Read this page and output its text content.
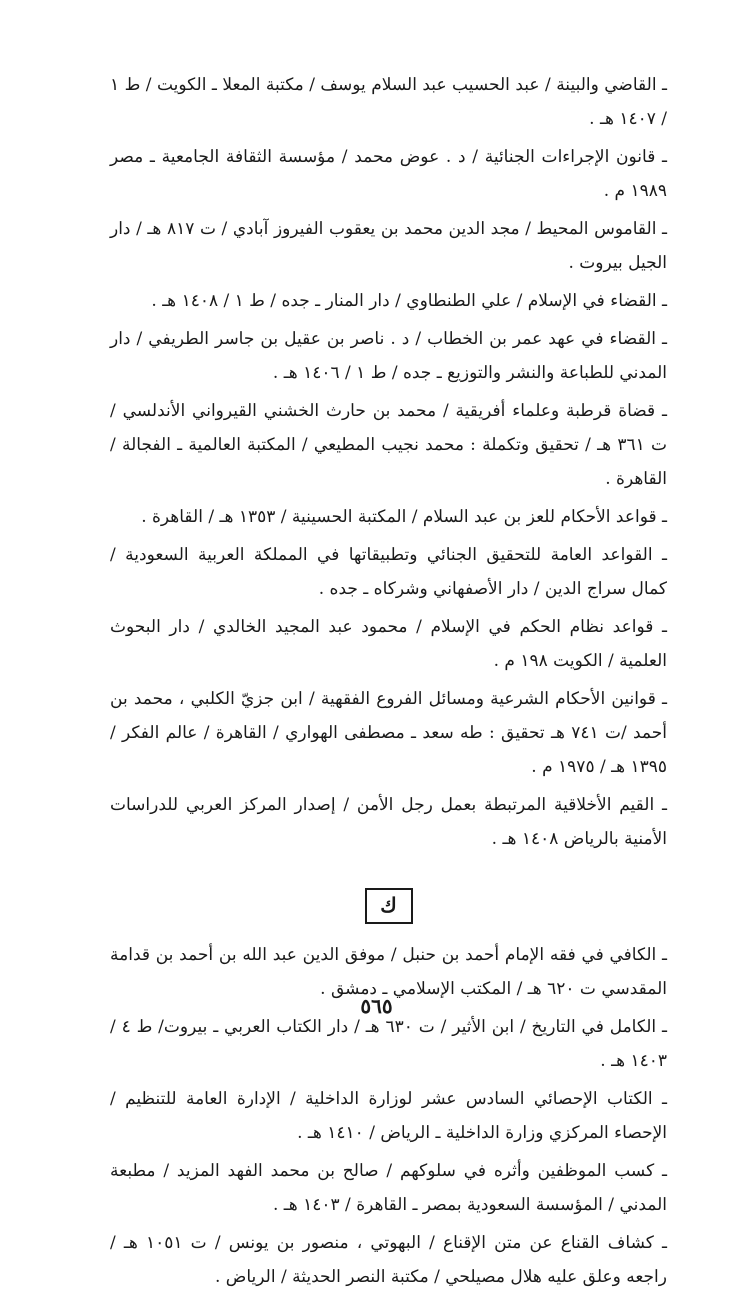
ـ القاضي والبينة / عبد الحسيب عبد السلام يوسف / مكتبة المعلا ـ الكويت / ط ١ / ١٤٠٧ هـ .

ـ قانون الإجراءات الجنائية / د . عوض محمد / مؤسسة الثقافة الجامعية ـ مصر ١٩٨٩ م .

ـ القاموس المحيط / مجد الدين محمد بن يعقوب الفيروز آبادي / ت ٨١٧ هـ / دار الجيل بيروت .

ـ القضاء في الإسلام / علي الطنطاوي / دار المنار ـ جده / ط ١ / ١٤٠٨ هـ .

ـ القضاء في عهد عمر بن الخطاب / د . ناصر بن عقيل بن جاسر الطريفي / دار المدني للطباعة والنشر والتوزيع ـ جده / ط ١ / ١٤٠٦ هـ .

ـ قضاة قرطبة وعلماء أفريقية / محمد بن حارث الخشني القيرواني الأندلسي / ت ٣٦١ هـ / تحقيق وتكملة : محمد نجيب المطيعي / المكتبة العالمية ـ الفجالة / القاهرة .

ـ قواعد الأحكام للعز بن عبد السلام / المكتبة الحسينية / ١٣٥٣ هـ / القاهرة .

ـ القواعد العامة للتحقيق الجنائي وتطبيقاتها في المملكة العربية السعودية / كمال سراج الدين / دار الأصفهاني وشركاه ـ جده .

ـ قواعد نظام الحكم في الإسلام / محمود عبد المجيد الخالدي / دار البحوث العلمية / الكويت ١٩٨ م .

ـ قوانين الأحكام الشرعية ومسائل الفروع الفقهية / ابن جزيّ الكلبي ، محمد بن أحمد /ت ٧٤١ هـ تحقيق : طه سعد ـ مصطفى الهواري / القاهرة / عالم الفكر / ١٣٩٥ هـ / ١٩٧٥ م .

ـ القيم الأخلاقية المرتبطة بعمل رجل الأمن / إصدار المركز العربي للدراسات الأمنية بالرياض ١٤٠٨ هـ .

ك

ـ الكافي في فقه الإمام أحمد بن حنبل / موفق الدين عبد الله بن أحمد بن قدامة المقدسي ت ٦٢٠ هـ / المكتب الإسلامي ـ دمشق .

ـ الكامل في التاريخ / ابن الأثير / ت ٦٣٠ هـ / دار الكتاب العربي ـ بيروت/ ط ٤ / ١٤٠٣ هـ .

ـ الكتاب الإحصائي السادس عشر لوزارة الداخلية / الإدارة العامة للتنظيم / الإحصاء المركزي وزارة الداخلية ـ الرياض / ١٤١٠ هـ .

ـ كسب الموظفين وأثره في سلوكهم / صالح بن محمد الفهد المزيد / مطبعة المدني / المؤسسة السعودية بمصر ـ القاهرة / ١٤٠٣ هـ .

ـ كشاف القناع عن متن الإقناع / البهوتي ، منصور بن يونس / ت ١٠٥١ هـ / راجعه وعلق عليه هلال مصيلحي / مكتبة النصر الحديثة / الرياض .

٥٦٥
